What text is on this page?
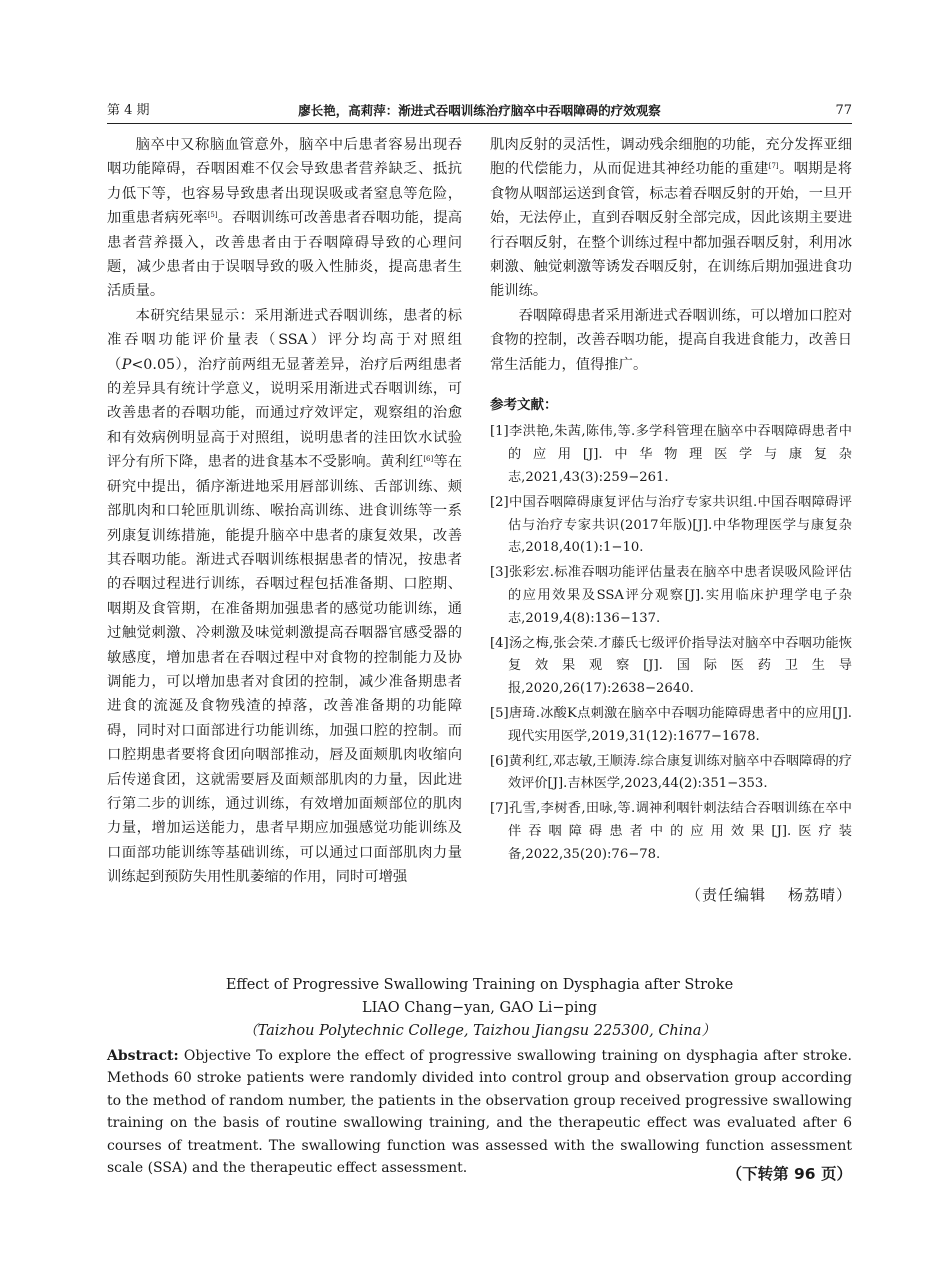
第 4 期	廖长艳，高莉萍：渐进式吞咽训练治疗脑卒中吞咽障碍的疗效观察	77

脑卒中又称脑血管意外，脑卒中后患者容易出现吞咽功能障碍，吞咽困难不仅会导致患者营养缺乏、抵抗力低下等，也容易导致患者出现误吸或者窒息等危险，加重患者病死率[5]。吞咽训练可改善患者吞咽功能，提高患者营养摄入，改善患者由于吞咽障碍导致的心理问题，减少患者由于误咽导致的吸入性肺炎，提高患者生活质量。

本研究结果显示：采用渐进式吞咽训练，患者的标准吞咽功能评价量表（SSA）评分均高于对照组（P<0.05），治疗前两组无显著差异，治疗后两组患者的差异具有统计学意义，说明采用渐进式吞咽训练，可改善患者的吞咽功能，而通过疗效评定，观察组的治愈和有效病例明显高于对照组，说明患者的洼田饮水试验评分有所下降，患者的进食基本不受影响。黄利红[6]等在研究中提出，循序渐进地采用唇部训练、舌部训练、颊部肌肉和口轮匝肌训练、喉抬高训练、进食训练等一系列康复训练措施，能提升脑卒中患者的康复效果，改善其吞咽功能。渐进式吞咽训练根据患者的情况，按患者的吞咽过程进行训练，吞咽过程包括准备期、口腔期、咽期及食管期，在准备期加强患者的感觉功能训练，通过触觉刺激、冷刺激及味觉刺激提高吞咽器官感受器的敏感度，增加患者在吞咽过程中对食物的控制能力及协调能力，可以增加患者对食团的控制，减少准备期患者进食的流涎及食物残渣的掉落，改善准备期的功能障碍，同时对口面部进行功能训练，加强口腔的控制。而口腔期患者要将食团向咽部推动，唇及面颊肌肉收缩向后传递食团，这就需要唇及面颊部肌肉的力量，因此进行第二步的训练，通过训练，有效增加面颊部位的肌肉力量，增加运送能力，患者早期应加强感觉功能训练及口面部功能训练等基础训练，可以通过口面部肌肉力量训练起到预防失用性肌萎缩的作用，同时可增强

肌肉反射的灵活性，调动残余细胞的功能，充分发挥亚细胞的代偿能力，从而促进其神经功能的重建[7]。咽期是将食物从咽部运送到食管，标志着吞咽反射的开始，一旦开始，无法停止，直到吞咽反射全部完成，因此该期主要进行吞咽反射，在整个训练过程中都加强吞咽反射，利用冰刺激、触觉刺激等诱发吞咽反射，在训练后期加强进食功能训练。

吞咽障碍患者采用渐进式吞咽训练，可以增加口腔对食物的控制，改善吞咽功能，提高自我进食能力，改善日常生活能力，值得推广。

参考文献：
[1]李洪艳,朱茜,陈伟,等.多学科管理在脑卒中吞咽障碍患者中的应用[J].中华物理医学与康复杂志,2021,43(3):259−261.
[2]中国吞咽障碍康复评估与治疗专家共识组.中国吞咽障碍评估与治疗专家共识(2017年版)[J].中华物理医学与康复杂志,2018,40(1):1−10.
[3]张彩宏.标准吞咽功能评估量表在脑卒中患者误吸风险评估的应用效果及SSA评分观察[J].实用临床护理学电子杂志,2019,4(8):136−137.
[4]汤之梅,张会荣.才藤氏七级评价指导法对脑卒中吞咽功能恢复效果观察[J].国际医药卫生导报,2020,26(17):2638−2640.
[5]唐琦.冰酸K点刺激在脑卒中吞咽功能障碍患者中的应用[J].现代实用医学,2019,31(12):1677−1678.
[6]黄利红,邓志敏,王顺涛.综合康复训练对脑卒中吞咽障碍的疗效评价[J].吉林医学,2023,44(2):351−353.
[7]孔雪,李树香,田咏,等.调神利咽针刺法结合吞咽训练在卒中伴吞咽障碍患者中的应用效果[J].医疗装备,2022,35(20):76−78.
（责任编辑 杨荔晴）
Effect of Progressive Swallowing Training on Dysphagia after Stroke
LIAO Chang−yan, GAO Li−ping
（Taizhou Polytechnic College, Taizhou Jiangsu 225300, China）
Abstract: Objective To explore the effect of progressive swallowing training on dysphagia after stroke. Methods 60 stroke patients were randomly divided into control group and observation group according to the method of random number, the patients in the observation group received progressive swallowing training on the basis of routine swallowing training, and the therapeutic effect was evaluated after 6 courses of treatment. The swallowing function was assessed with the swallowing function assessment scale (SSA) and the therapeutic effect assessment.	（下转第 96 页）
